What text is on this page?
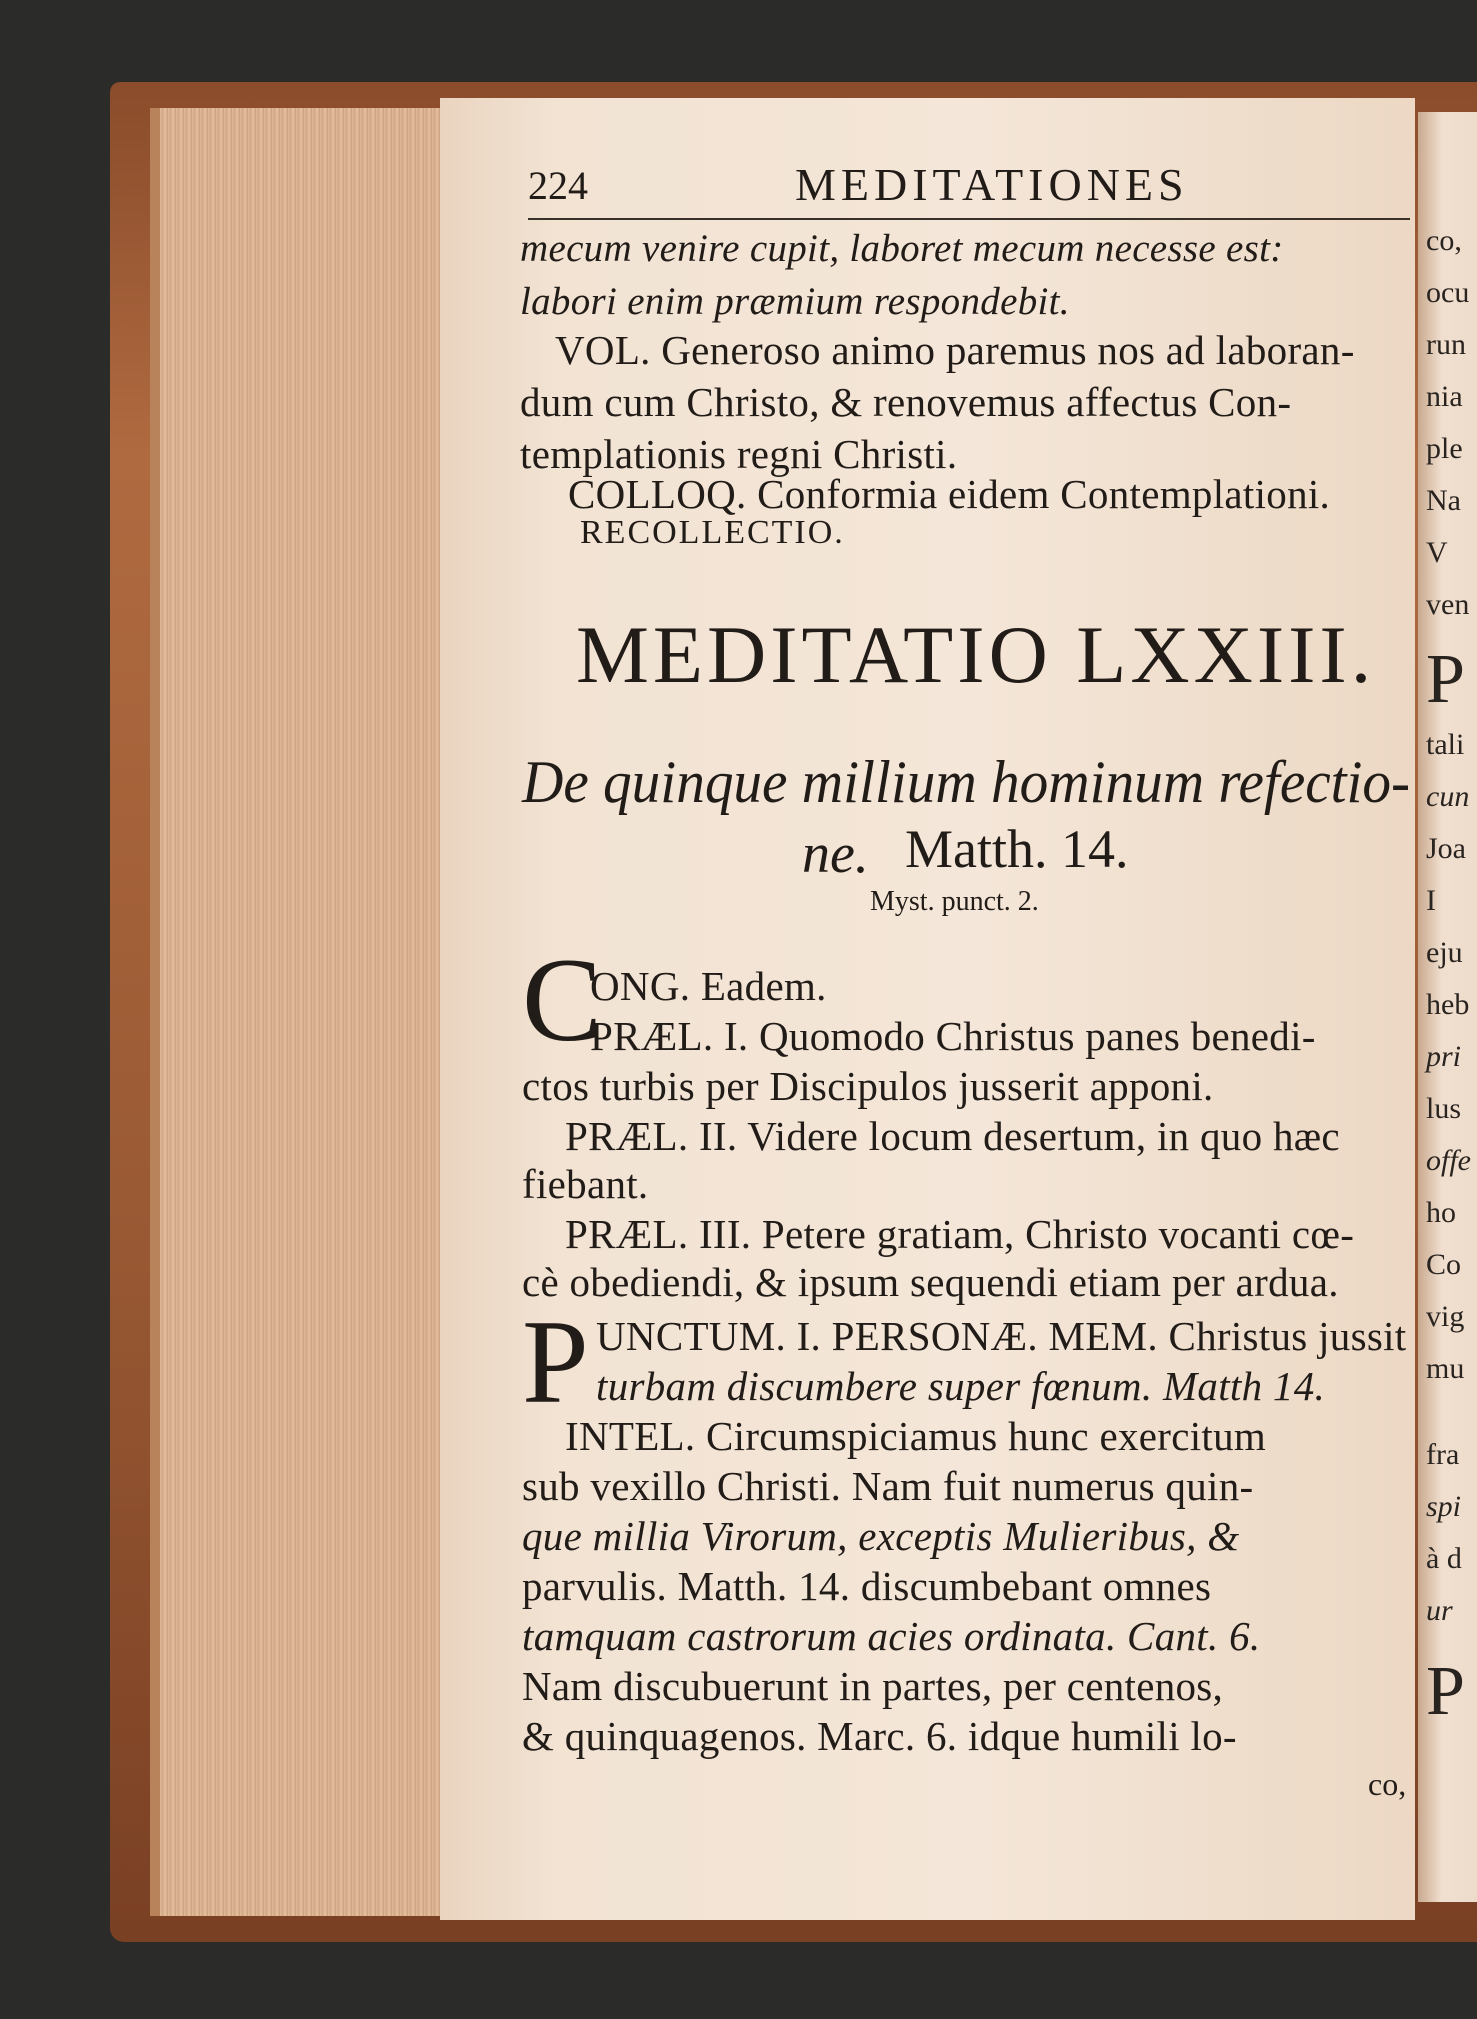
co,
ocu
run
nia
ple
Na
V
ven
P
tali
cun
Joa
I
eju
heb
pri
lus
offe
ho
Co
vig
mu
fra
spi
à d
ur
P
224	MEDITATIONES
mecum venire cupit, laboret mecum necesse est:
labori enim præmium respondebit.
VOL. Generoso animo paremus nos ad laboran-
dum cum Christo, & renovemus affectus Con-
templationis regni Christi.
COLLOQ. Conformia eidem Contemplationi.
RECOLLECTIO.
MEDITATIO LXXIII.
De quinque millium hominum refectio-
ne. Matth. 14.
Myst. punct. 2.
C
ONG. Eadem.
PRÆL. I. Quomodo Christus panes benedi-
ctos turbis per Discipulos jusserit apponi.
PRÆL. II. Videre locum desertum, in quo hæc
fiebant.
PRÆL. III. Petere gratiam, Christo vocanti cœ-
cè obediendi, & ipsum sequendi etiam per ardua.
P UNCTUM. I. PERSONÆ. MEM. Christus jussit
turbam discumbere super fœnum. Matth 14.
INTEL. Circumspiciamus hunc exercitum
sub vexillo Christi. Nam fuit numerus quin-
que millia Virorum, exceptis Mulieribus, &
parvulis. Matth. 14. discumbebant omnes
tamquam castrorum acies ordinata. Cant. 6.
Nam discubuerunt in partes, per centenos,
& quinquagenos. Marc. 6. idque humili lo-
co,
